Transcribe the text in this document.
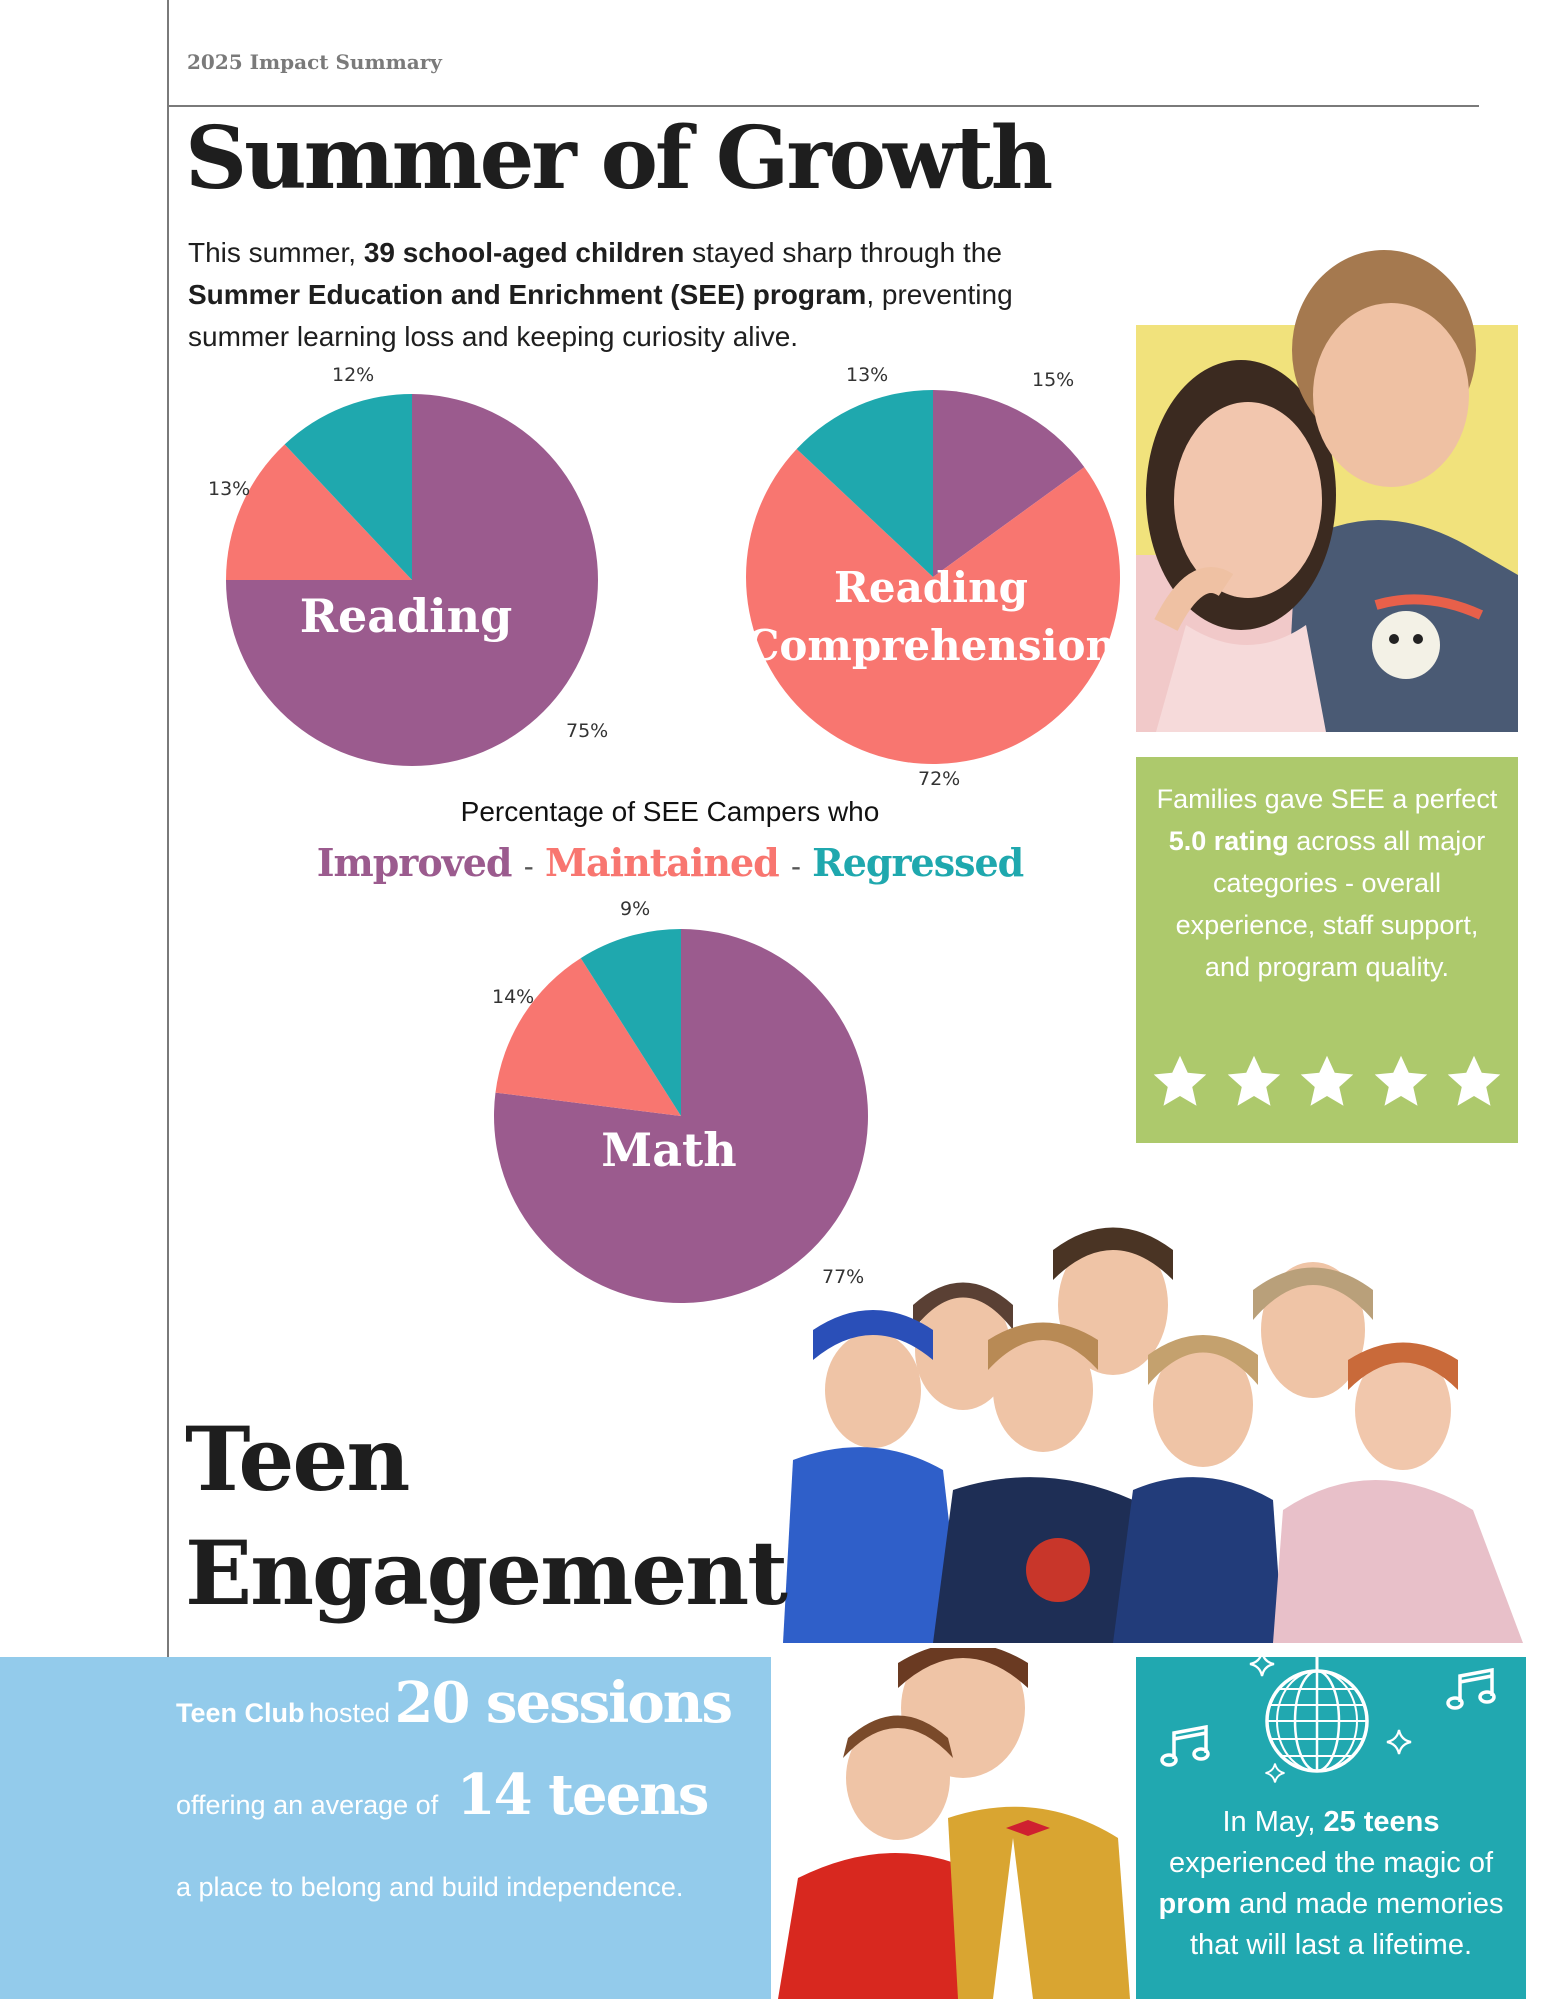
2025 Impact Summary
Summer of Growth
This summer, 39 school-aged children stayed sharp through the Summer Education and Enrichment (SEE) program, preventing summer learning loss and keeping curiosity alive.
75%
13%
12%
Reading
15%
72%
13%
Reading
Comprehension
77%
14%
9%
Math
Percentage of SEE Campers who
Improved - Maintained - Regressed
Families gave SEE a perfect 5.0 rating across all major categories - overall experience, staff support, and program quality.
Teen
Engagement
Teen Club hosted 20 sessions
offering an average of 14 teens
a place to belong and build independence.
In May, 25 teens experienced the magic of prom and made memories that will last a lifetime.
